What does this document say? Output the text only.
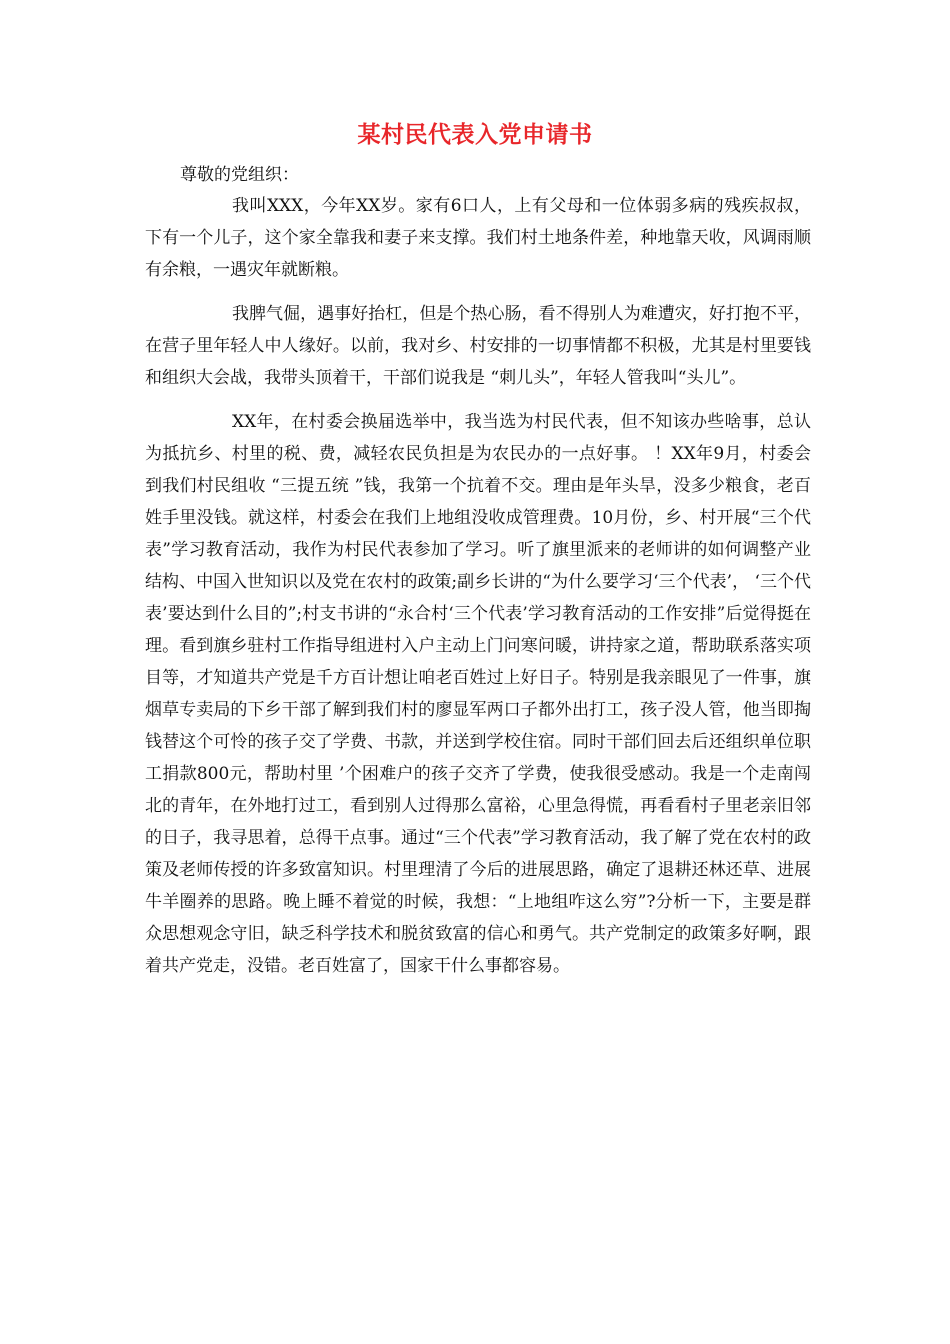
某村民代表入党申请书
尊敬的党组织：

我叫XXX，今年XX岁。家有6口人，上有父母和一位体弱多病的残疾叔叔，下有一个儿子，这个家全靠我和妻子来支撑。我们村土地条件差，种地靠天收，风调雨顺有余粮，一遇灾年就断粮。

我脾气倔，遇事好抬杠，但是个热心肠，看不得别人为难遭灾，好打抱不平，在营子里年轻人中人缘好。以前，我对乡、村安排的一切事情都不积极，尤其是村里要钱和组织大会战，我带头顶着干，干部们说我是 “刺儿头”，年轻人管我叫“头儿”。

XX年，在村委会换届选举中，我当选为村民代表，但不知该办些啥事，总认为抵抗乡、村里的税、费，减轻农民负担是为农民办的一点好事。 ！XX年9月，村委会到我们村民组收 “三提五统 ”钱，我第一个抗着不交。理由是年头旱，没多少粮食，老百姓手里没钱。就这样，村委会在我们上地组没收成管理费。10月份，乡、村开展“三个代表”学习教育活动，我作为村民代表参加了学习。听了旗里派来的老师讲的如何调整产业结构、中国入世知识以及党在农村的政策;副乡长讲的“为什么要学习‘三个代表’， ‘三个代表’要达到什么目的”;村支书讲的“永合村‘三个代表’学习教育活动的工作安排”后觉得挺在理。看到旗乡驻村工作指导组进村入户主动上门问寒问暖，讲持家之道，帮助联系落实项目等，才知道共产党是千方百计想让咱老百姓过上好日子。特别是我亲眼见了一件事，旗烟草专卖局的下乡干部了解到我们村的廖显军两口子都外出打工，孩子没人管，他当即掏钱替这个可怜的孩子交了学费、书款，并送到学校住宿。同时干部们回去后还组织单位职工捐款800元，帮助村里 ’个困难户的孩子交齐了学费，使我很受感动。我是一个走南闯北的青年，在外地打过工，看到别人过得那么富裕，心里急得慌，再看看村子里老亲旧邻的日子，我寻思着，总得干点事。通过“三个代表”学习教育活动，我了解了党在农村的政策及老师传授的许多致富知识。村里理清了今后的进展思路，确定了退耕还林还草、进展牛羊圈养的思路。晚上睡不着觉的时候，我想：“上地组咋这么穷”?分析一下，主要是群众思想观念守旧，缺乏科学技术和脱贫致富的信心和勇气。共产党制定的政策多好啊，跟着共产党走，没错。老百姓富了，国家干什么事都容易。
